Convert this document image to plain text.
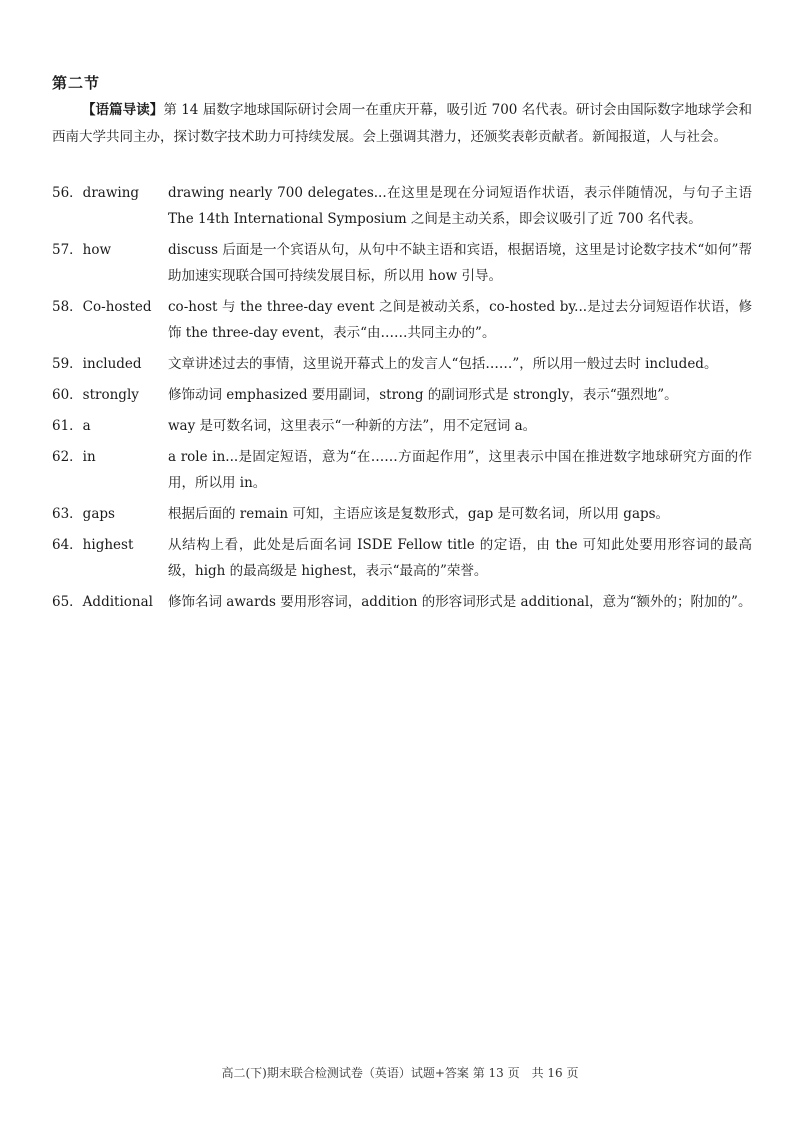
第二节

【语篇导读】第 14 届数字地球国际研讨会周一在重庆开幕，吸引近 700 名代表。研讨会由国际数字地球学会和西南大学共同主办，探讨数字技术助力可持续发展。会上强调其潜力，还颁奖表彰贡献者。新闻报道，人与社会。

56．drawing	drawing nearly 700 delegates...在这里是现在分词短语作状语，表示伴随情况，与句子主语 The 14th International Symposium 之间是主动关系，即会议吸引了近 700 名代表。
57．how	discuss 后面是一个宾语从句，从句中不缺主语和宾语，根据语境，这里是讨论数字技术“如何”帮助加速实现联合国可持续发展目标，所以用 how 引导。
58．Co-hosted	co-host 与 the three-day event 之间是被动关系，co-hosted by...是过去分词短语作状语，修饰 the three-day event，表示“由……共同主办的”。
59．included	文章讲述过去的事情，这里说开幕式上的发言人“包括……”，所以用一般过去时 included。
60．strongly	修饰动词 emphasized 要用副词，strong 的副词形式是 strongly，表示“强烈地”。
61．a	way 是可数名词，这里表示“一种新的方法”，用不定冠词 a。
62．in	a role in...是固定短语，意为“在……方面起作用”，这里表示中国在推进数字地球研究方面的作用，所以用 in。
63．gaps	根据后面的 remain 可知，主语应该是复数形式，gap 是可数名词，所以用 gaps。
64．highest	从结构上看，此处是后面名词 ISDE Fellow title 的定语，由 the 可知此处要用形容词的最高级，high 的最高级是 highest，表示“最高的”荣誉。
65．Additional	修饰名词 awards 要用形容词，addition 的形容词形式是 additional，意为“额外的；附加的”。
高二(下)期末联合检测试卷（英语）试题+答案 第 13 页　共 16 页
